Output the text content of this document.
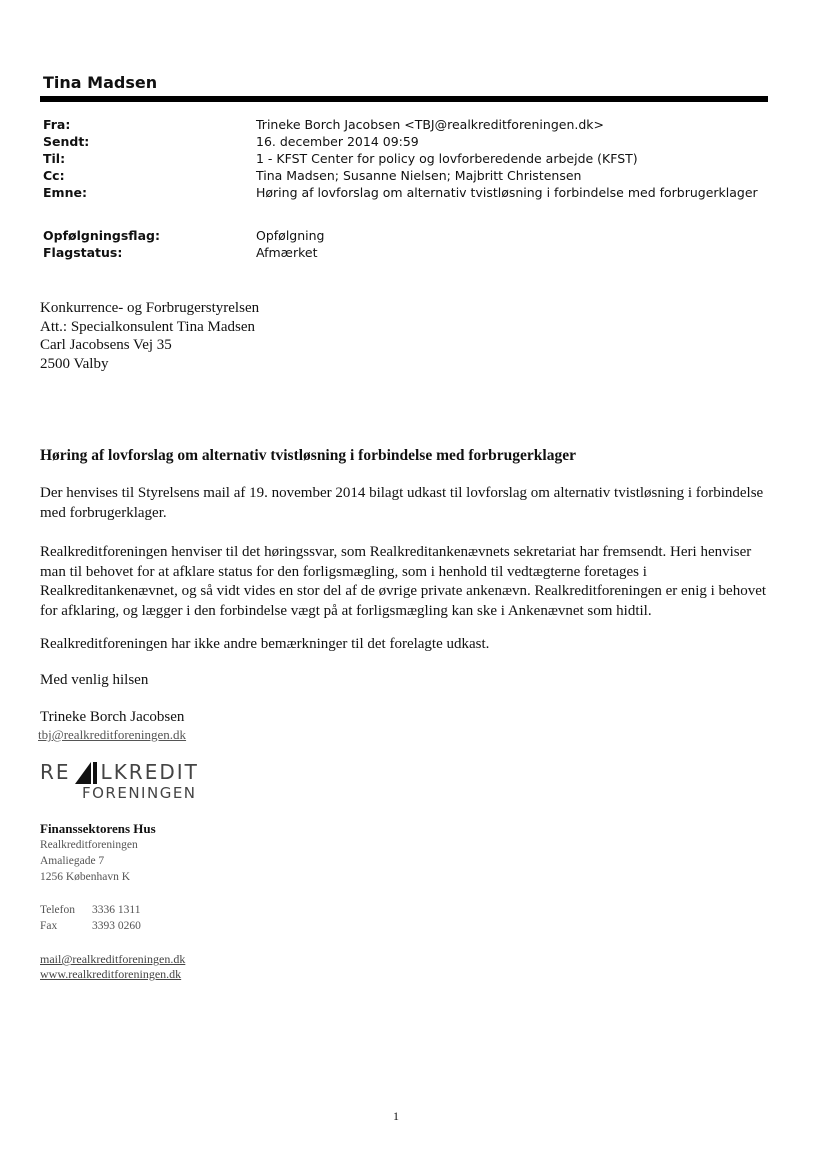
Tina Madsen
Fra:	Trineke Borch Jacobsen <TBJ@realkreditforeningen.dk>
Sendt:	16. december 2014 09:59
Til:	1 - KFST Center for policy og lovforberedende arbejde (KFST)
Cc:	Tina Madsen; Susanne Nielsen; Majbritt Christensen
Emne:	Høring af lovforslag om alternativ tvistløsning i forbindelse med forbrugerklager
Opfølgningsflag:	Opfølgning
Flagstatus:	Afmærket
Konkurrence- og Forbrugerstyrelsen
Att.: Specialkonsulent Tina Madsen
Carl Jacobsens Vej 35
2500 Valby
Høring af lovforslag om alternativ tvistløsning i forbindelse med forbrugerklager

Der henvises til Styrelsens mail af 19. november 2014 bilagt udkast til lovforslag om alternativ tvistløsning i forbindelse med forbrugerklager.

Realkreditforeningen henviser til det høringssvar, som Realkreditankenævnets sekretariat har fremsendt. Heri henviser man til behovet for at afklare status for den forligsmægling, som i henhold til vedtægterne foretages i Realkreditankenævnet, og så vidt vides en stor del af de øvrige private ankenævn. Realkreditforeningen er enig i behovet for afklaring, og lægger i den forbindelse vægt på at forligsmægling kan ske i Ankenævnet som hidtil.

Realkreditforeningen har ikke andre bemærkninger til det forelagte udkast.
Med venlig hilsen
Trineke Borch Jacobsen
tbj@realkreditforeningen.dk
RE LKREDIT
FORENINGEN
Finanssektorens Hus
Realkreditforeningen
Amaliegade 7
1256 København K
Telefon	3336 1311
Fax	3393 0260
mail@realkreditforeningen.dk
www.realkreditforeningen.dk
1
